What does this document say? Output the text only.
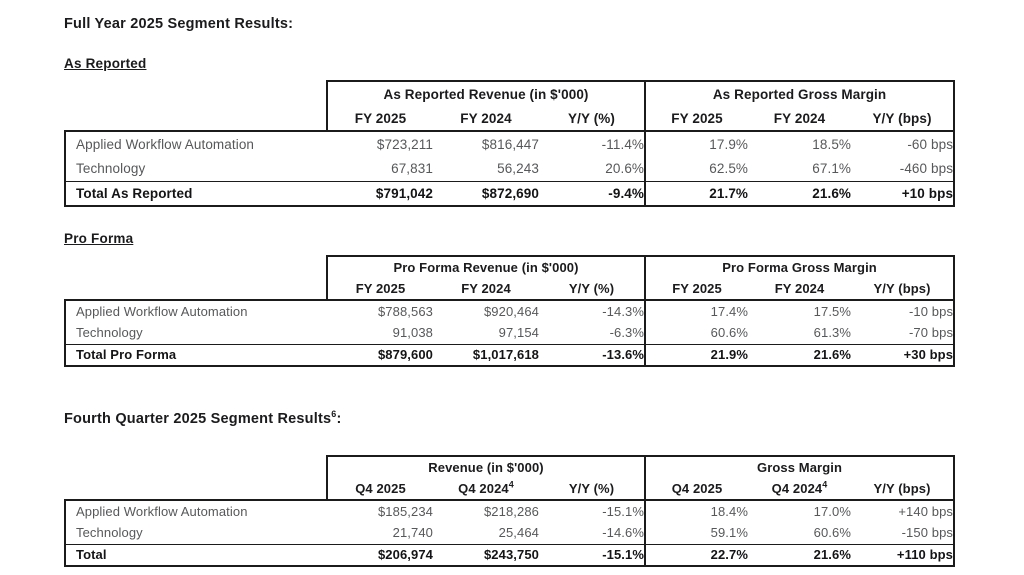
Full Year 2025 Segment Results:
As Reported
	As Reported Revenue (in $'000)			As Reported Gross Margin		
	FY 2025	FY 2024	Y/Y (%)	FY 2025	FY 2024	Y/Y (bps)
Applied Workflow Automation	$723,211	$816,447	-11.4%	17.9%	18.5%	-60 bps
Technology	67,831	56,243	20.6%	62.5%	67.1%	-460 bps
Total As Reported	$791,042	$872,690	-9.4%	21.7%	21.6%	+10 bps
Pro Forma
	Pro Forma Revenue (in $'000)			Pro Forma Gross Margin		
	FY 2025	FY 2024	Y/Y (%)	FY 2025	FY 2024	Y/Y (bps)
Applied Workflow Automation	$788,563	$920,464	-14.3%	17.4%	17.5%	-10 bps
Technology	91,038	97,154	-6.3%	60.6%	61.3%	-70 bps
Total Pro Forma	$879,600	$1,017,618	-13.6%	21.9%	21.6%	+30 bps
Fourth Quarter 2025 Segment Results$^6$:
	Revenue (in $'000)			Gross Margin		
	Q4 2025	Q4 2024$^4$	Y/Y (%)	Q4 2025	Q4 2024$^4$	Y/Y (bps)
Applied Workflow Automation	$185,234	$218,286	-15.1%	18.4%	17.0%	+140 bps
Technology	21,740	25,464	-14.6%	59.1%	60.6%	-150 bps
Total	$206,974	$243,750	-15.1%	22.7%	21.6%	+110 bps
